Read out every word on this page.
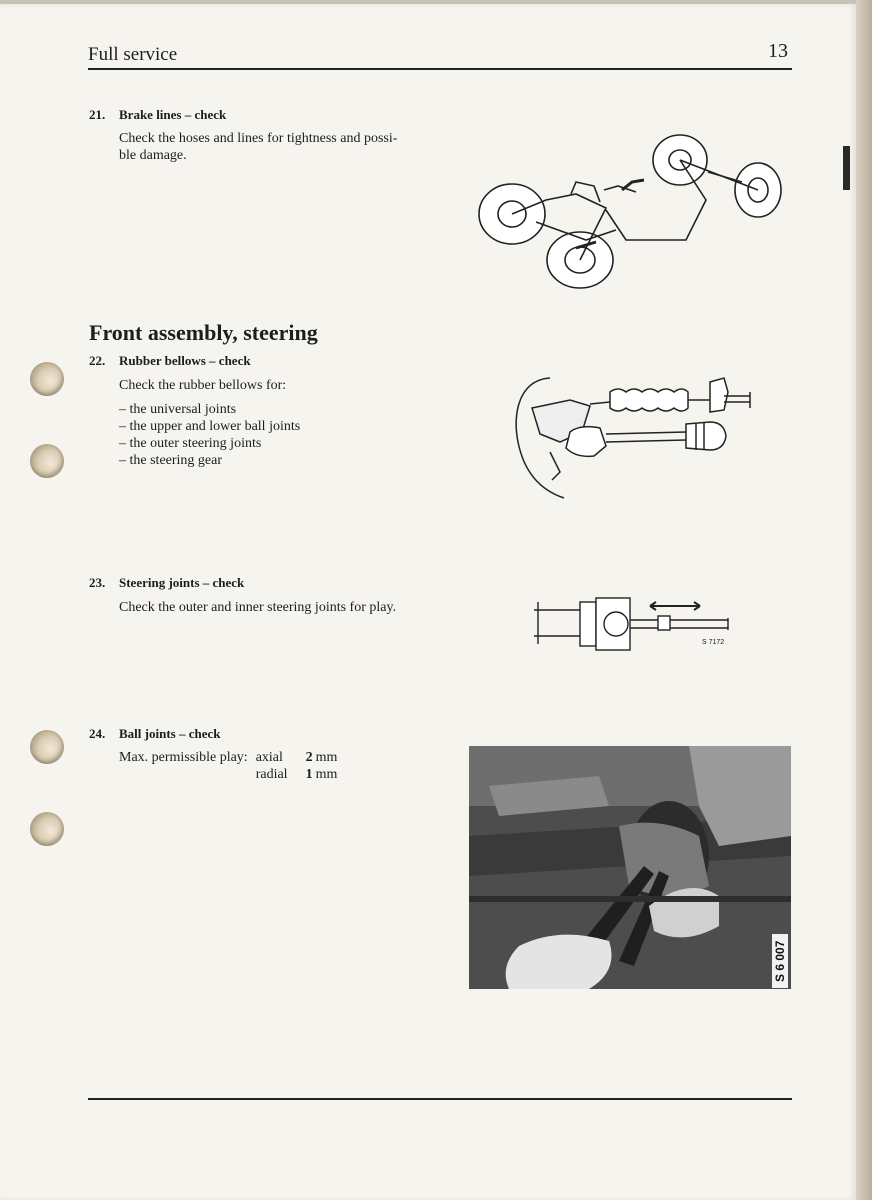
Full service	13
21. Brake lines – check
Check the hoses and lines for tightness and possi-
ble damage.
Front assembly, steering
22. Rubber bellows – check
Check the rubber bellows for:
– the universal joints
– the upper and lower ball joints
– the outer steering joints
– the steering gear
23. Steering joints – check
Check the outer and inner steering joints for play.
S 7172
24. Ball joints – check
Max. permissible play:	axial	2	mm
	radial	1	mm
S 6 007
